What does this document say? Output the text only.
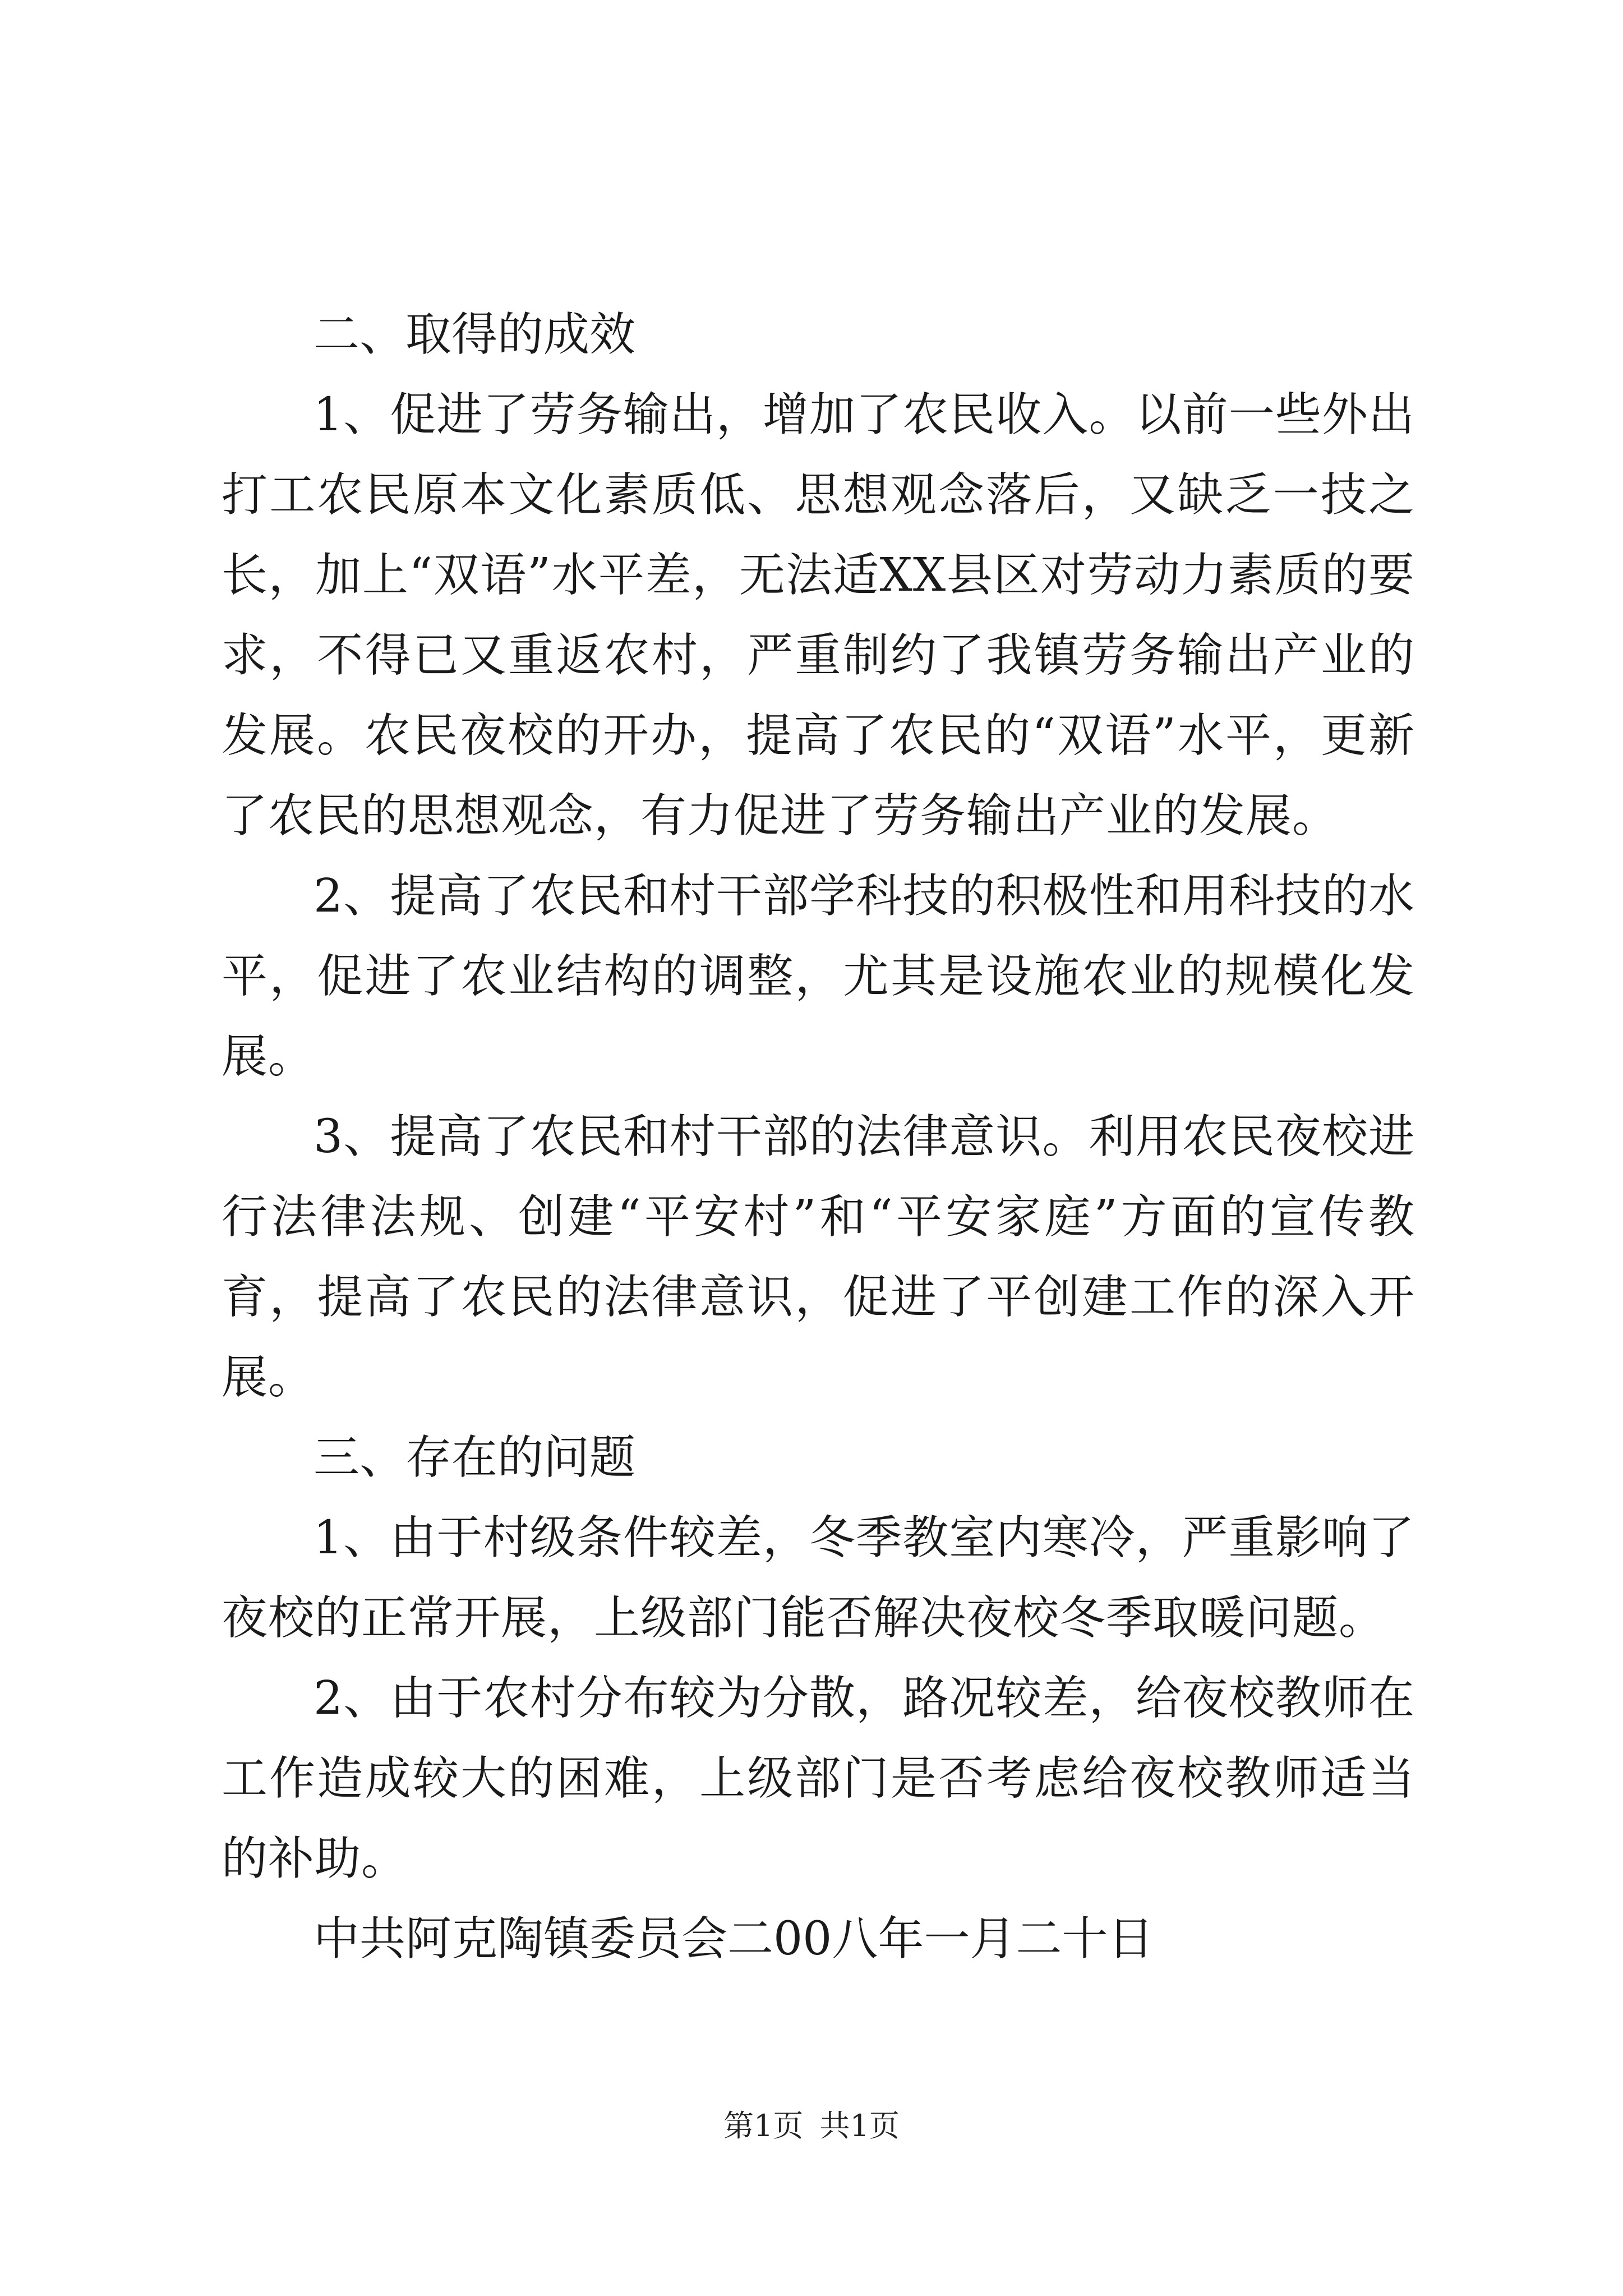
二、取得的成效

1、促进了劳务输出，增加了农民收入。以前一些外出打工农民原本文化素质低、思想观念落后，又缺乏一技之长，加上“双语”水平差，无法适XX县区对劳动力素质的要求，不得已又重返农村，严重制约了我镇劳务输出产业的发展。农民夜校的开办，提高了农民的“双语”水平，更新了农民的思想观念，有力促进了劳务输出产业的发展。

2、提高了农民和村干部学科技的积极性和用科技的水平，促进了农业结构的调整，尤其是设施农业的规模化发展。

3、提高了农民和村干部的法律意识。利用农民夜校进行法律法规、创建“平安村”和“平安家庭”方面的宣传教育，提高了农民的法律意识，促进了平创建工作的深入开展。

三、存在的问题

1、由于村级条件较差，冬季教室内寒冷，严重影响了夜校的正常开展，上级部门能否解决夜校冬季取暖问题。

2、由于农村分布较为分散，路况较差，给夜校教师在工作造成较大的困难，上级部门是否考虑给夜校教师适当的补助。

中共阿克陶镇委员会二00八年一月二十日

第1页 共1页
